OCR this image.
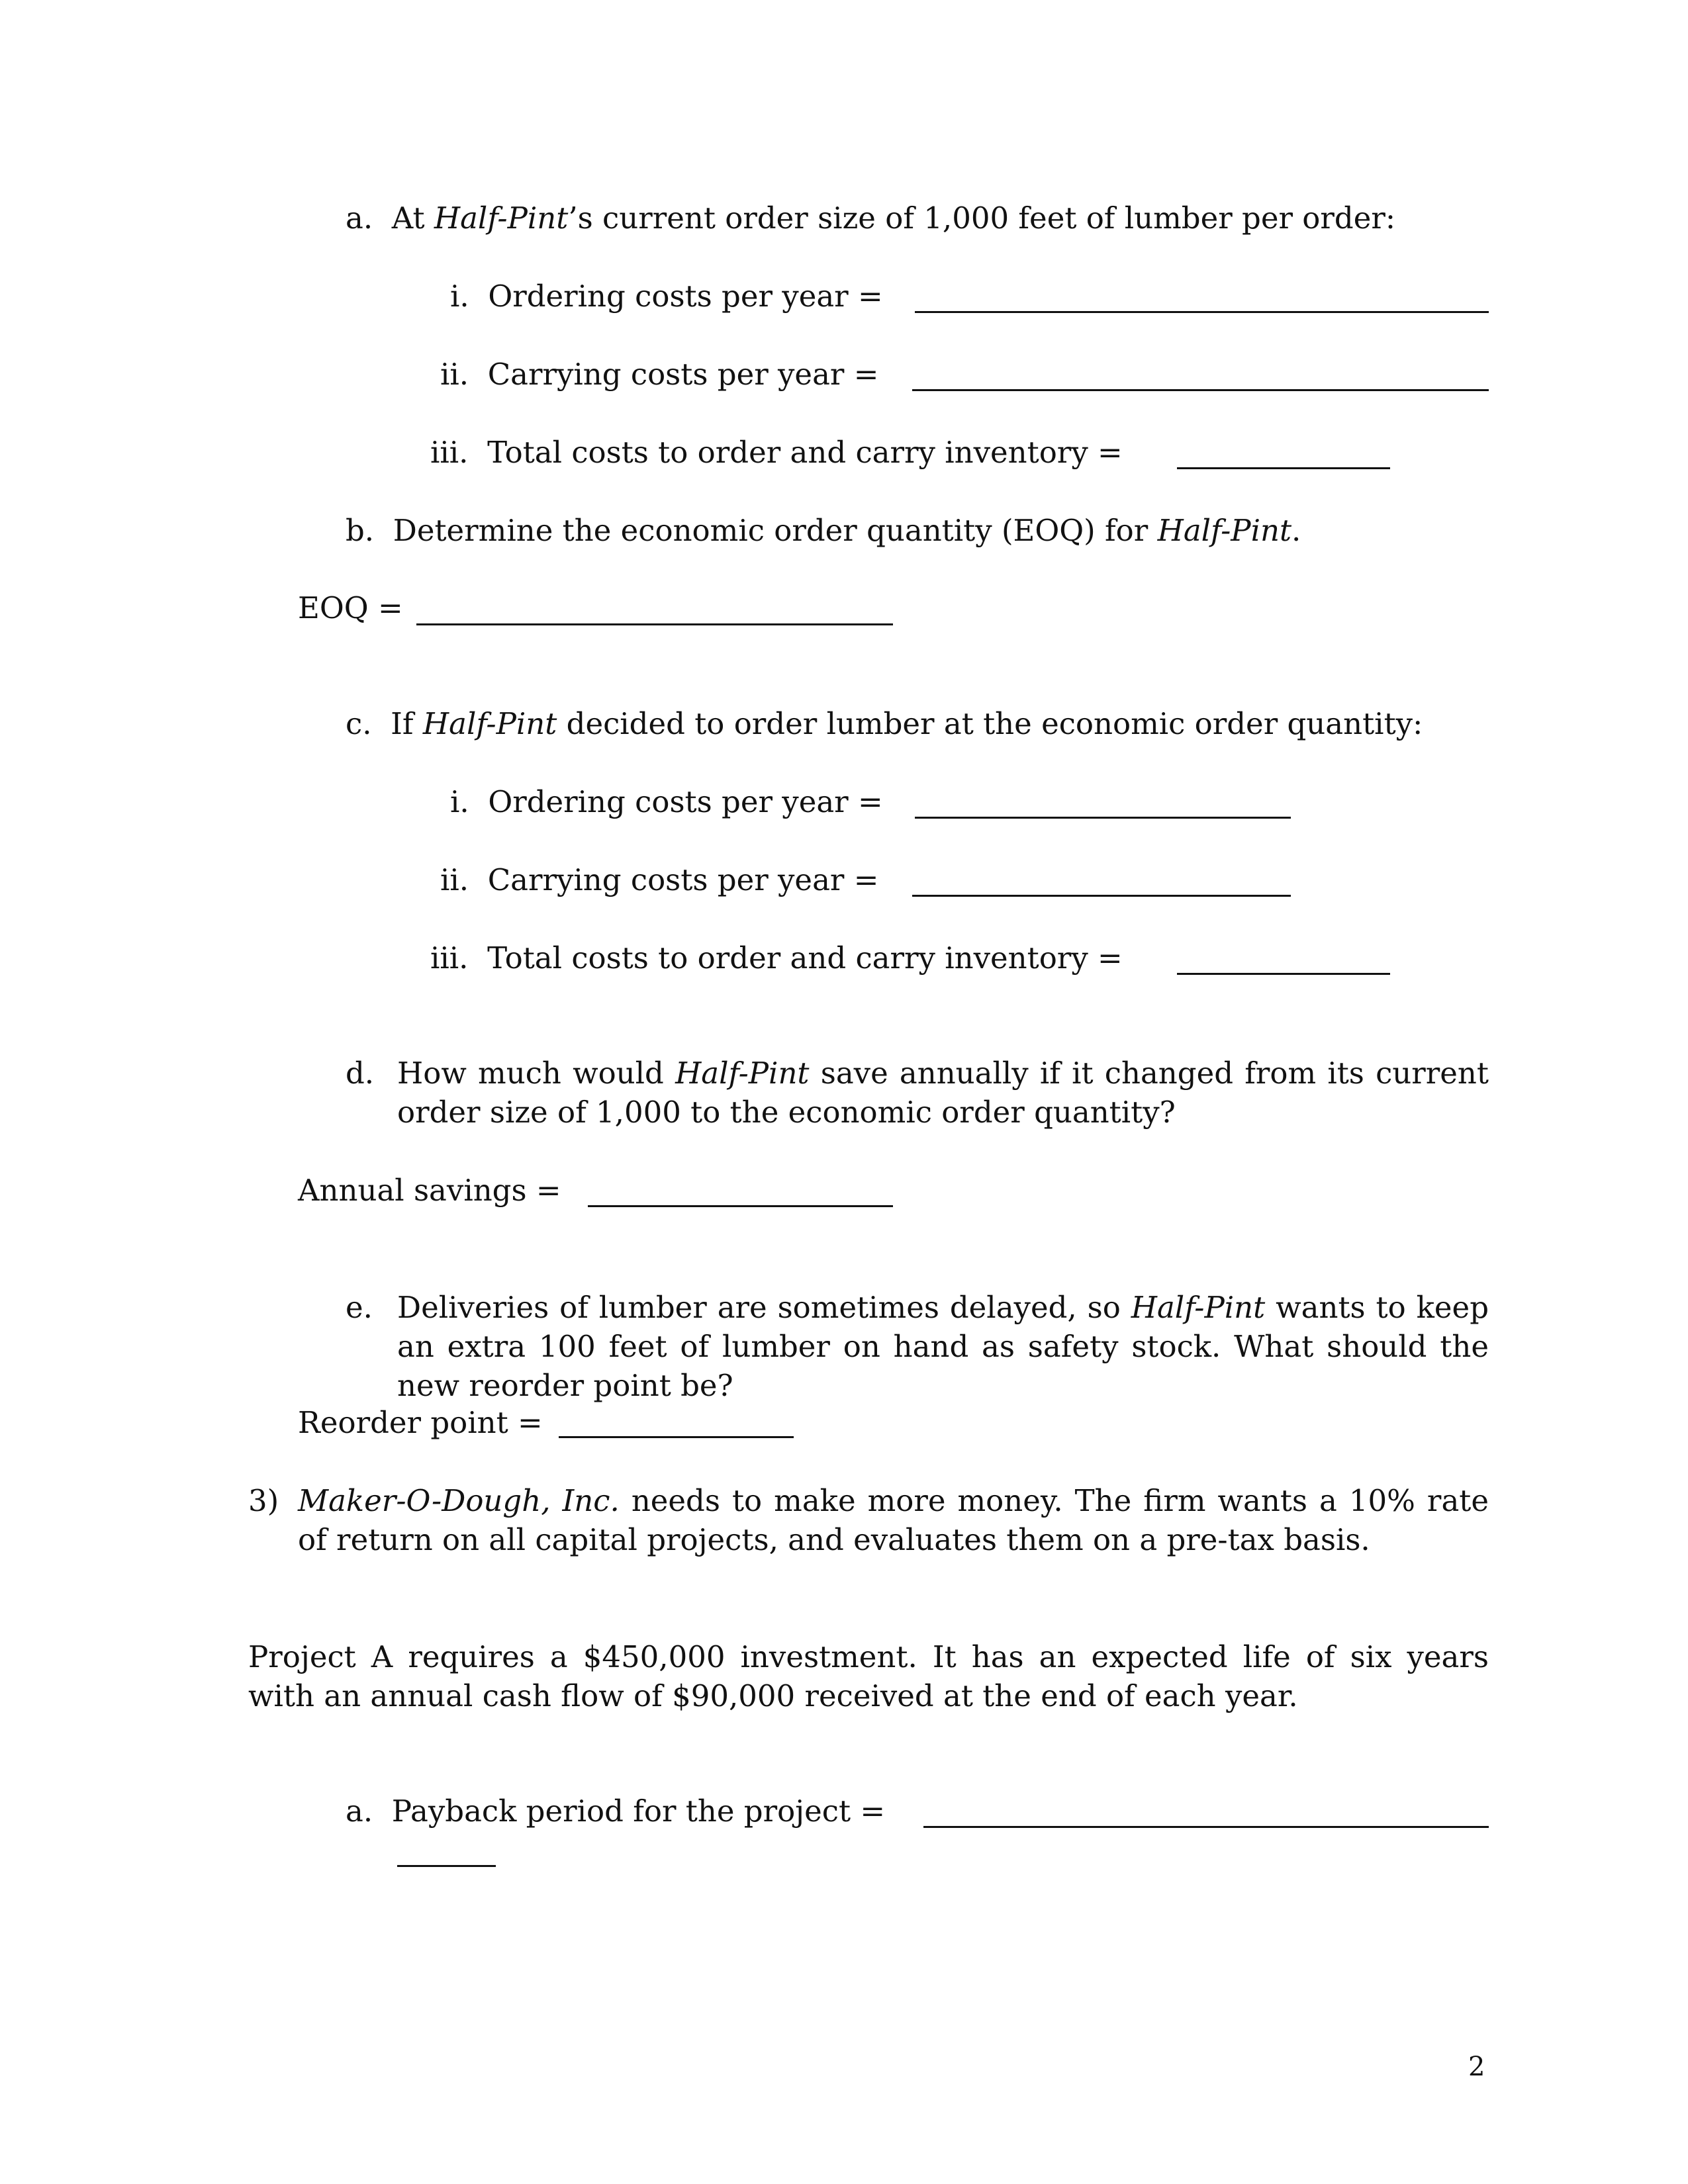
a. At Half-Pint’s current order size of 1,000 feet of lumber per order:
i. Ordering costs per year =
ii. Carrying costs per year =
iii. Total costs to order and carry inventory =
b. Determine the economic order quantity (EOQ) for Half-Pint.
EOQ =
c. If Half-Pint decided to order lumber at the economic order quantity:
i. Ordering costs per year =
ii. Carrying costs per year =
iii. Total costs to order and carry inventory =
d. How much would Half-Pint save annually if it changed from its current order size of 1,000 to the economic order quantity?
Annual savings =
e. Deliveries of lumber are sometimes delayed, so Half-Pint wants to keep an extra 100 feet of lumber on hand as safety stock. What should the new reorder point be?
Reorder point =
3) Maker-O-Dough, Inc. needs to make more money. The firm wants a 10% rate of return on all capital projects, and evaluates them on a pre-tax basis.
Project A requires a $450,000 investment. It has an expected life of six years with an annual cash flow of $90,000 received at the end of each year.
a. Payback period for the project =
2
